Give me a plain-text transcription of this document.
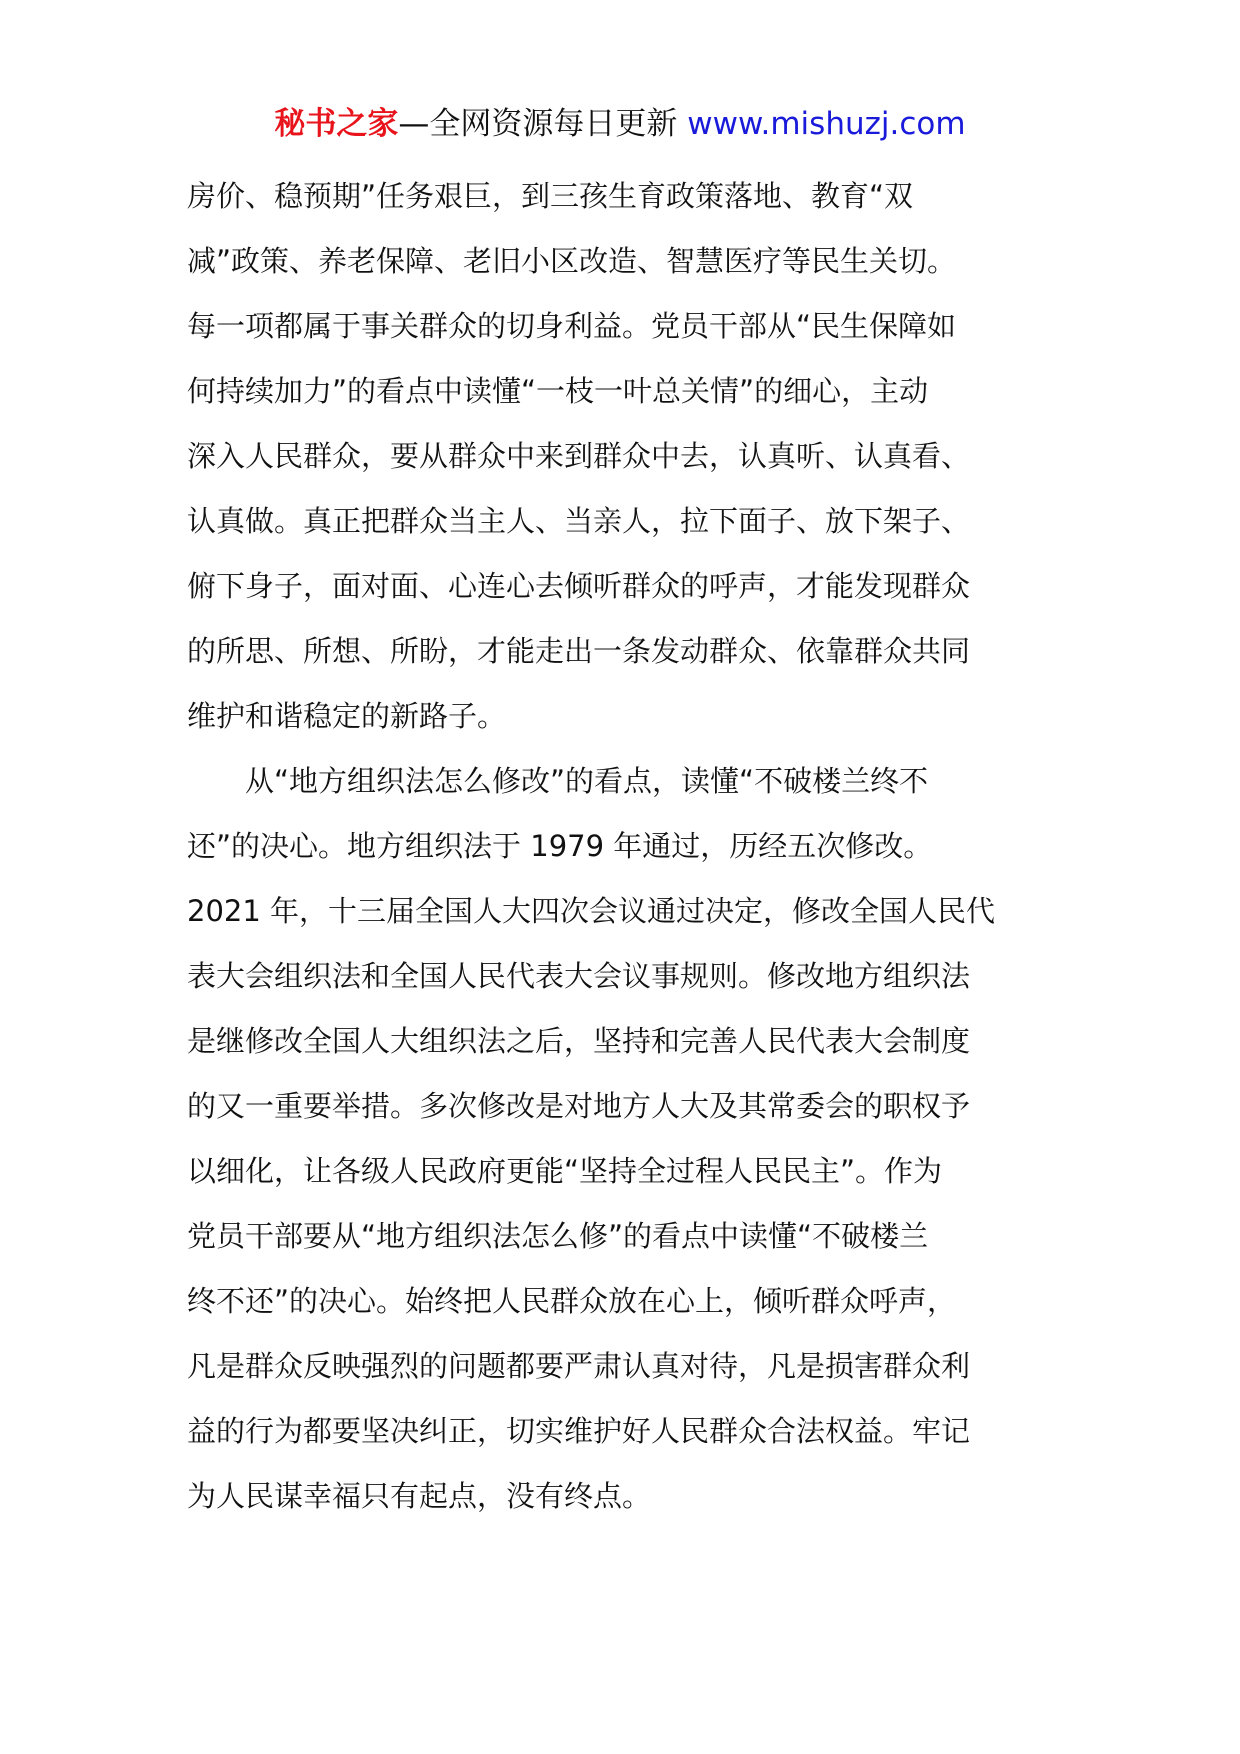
秘书之家—全网资源每日更新 www.mishuzj.com
房价、稳预期”任务艰巨，到三孩生育政策落地、教育“双
减”政策、养老保障、老旧小区改造、智慧医疗等民生关切。
每一项都属于事关群众的切身利益。党员干部从“民生保障如
何持续加力”的看点中读懂“一枝一叶总关情”的细心，主动
深入人民群众，要从群众中来到群众中去，认真听、认真看、
认真做。真正把群众当主人、当亲人，拉下面子、放下架子、
俯下身子，面对面、心连心去倾听群众的呼声，才能发现群众
的所思、所想、所盼，才能走出一条发动群众、依靠群众共同
维护和谐稳定的新路子。
从“地方组织法怎么修改”的看点，读懂“不破楼兰终不
还”的决心。地方组织法于 1979 年通过，历经五次修改。
2021 年，十三届全国人大四次会议通过决定，修改全国人民代
表大会组织法和全国人民代表大会议事规则。修改地方组织法
是继修改全国人大组织法之后，坚持和完善人民代表大会制度
的又一重要举措。多次修改是对地方人大及其常委会的职权予
以细化，让各级人民政府更能“坚持全过程人民民主”。作为
党员干部要从“地方组织法怎么修”的看点中读懂“不破楼兰
终不还”的决心。始终把人民群众放在心上，倾听群众呼声，
凡是群众反映强烈的问题都要严肃认真对待，凡是损害群众利
益的行为都要坚决纠正，切实维护好人民群众合法权益。牢记
为人民谋幸福只有起点，没有终点。
